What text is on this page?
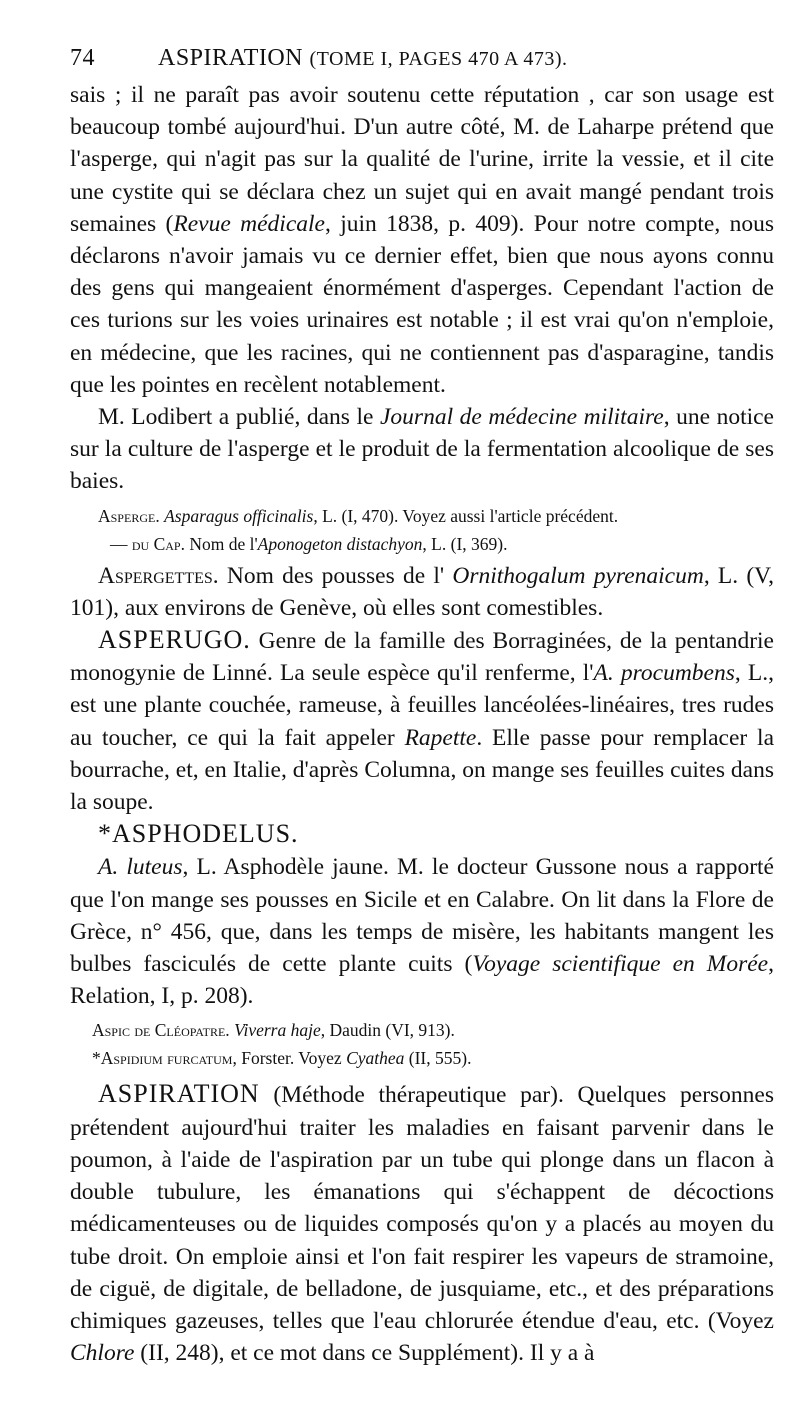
74	ASPIRATION (TOME I, PAGES 470 A 473).

sais ; il ne paraît pas avoir soutenu cette réputation , car son usage est beaucoup tombé aujourd'hui. D'un autre côté, M. de Laharpe prétend que l'asperge, qui n'agit pas sur la qualité de l'urine, irrite la vessie, et il cite une cystite qui se déclara chez un sujet qui en avait mangé pendant trois semaines (Revue médicale, juin 1838, p. 409). Pour notre compte, nous déclarons n'avoir jamais vu ce dernier effet, bien que nous ayons connu des gens qui mangeaient énormément d'asperges. Cependant l'action de ces turions sur les voies urinaires est notable ; il est vrai qu'on n'emploie, en médecine, que les racines, qui ne contiennent pas d'asparagine, tandis que les pointes en recèlent notablement.

M. Lodibert a publié, dans le Journal de médecine militaire, une notice sur la culture de l'asperge et le produit de la fermentation alcoolique de ses baies.

Asperge. Asparagus officinalis, L. (I, 470). Voyez aussi l'article précédent.

— du Cap. Nom de l'Aponogeton distachyon, L. (I, 369).

Aspergettes. Nom des pousses de l' Ornithogalum pyrenaicum, L. (V, 101), aux environs de Genève, où elles sont comestibles.

ASPERUGO. Genre de la famille des Borraginées, de la pentandrie monogynie de Linné. La seule espèce qu'il renferme, l'A. procumbens, L., est une plante couchée, rameuse, à feuilles lancéolées-linéaires, tres rudes au toucher, ce qui la fait appeler Rapette. Elle passe pour remplacer la bourrache, et, en Italie, d'après Columna, on mange ses feuilles cuites dans la soupe.

*ASPHODELUS.

A. luteus, L. Asphodèle jaune. M. le docteur Gussone nous a rapporté que l'on mange ses pousses en Sicile et en Calabre. On lit dans la Flore de Grèce, n° 456, que, dans les temps de misère, les habitants mangent les bulbes fasciculés de cette plante cuits (Voyage scientifique en Morée, Relation, I, p. 208).

Aspic de Cléopatre. Viverra haje, Daudin (VI, 913).

*Aspidium furcatum, Forster. Voyez Cyathea (II, 555).

ASPIRATION (Méthode thérapeutique par). Quelques personnes prétendent aujourd'hui traiter les maladies en faisant parvenir dans le poumon, à l'aide de l'aspiration par un tube qui plonge dans un flacon à double tubulure, les émanations qui s'échappent de décoctions médicamenteuses ou de liquides composés qu'on y a placés au moyen du tube droit. On emploie ainsi et l'on fait respirer les vapeurs de stramoine, de ciguë, de digitale, de belladone, de jusquiame, etc., et des préparations chimiques gazeuses, telles que l'eau chlorurée étendue d'eau, etc. (Voyez Chlore (II, 248), et ce mot dans ce Supplément). Il y a à
